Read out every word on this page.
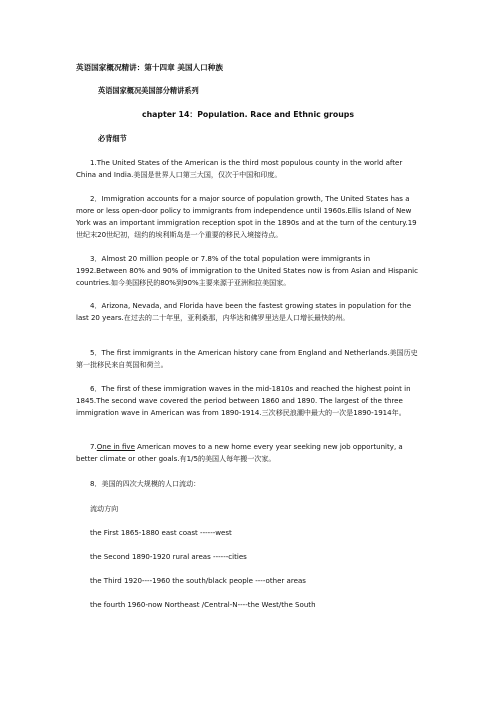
英语国家概况精讲：第十四章 美国人口种族
英语国家概况美国部分精讲系列
chapter 14：Population. Race and Ethnic groups
必背细节

1.The United States of the American is the third most populous county in the world after China and India.美国是世界人口第三大国，仅次于中国和印度。

2．Immigration accounts for a major source of population growth, The United States has a more or less open-door policy to immigrants from independence until 1960s.Ellis Island of New York was an important immigration reception spot in the 1890s and at the turn of the century.19世纪末20世纪初，纽约的埃利斯岛是一个重要的移民入境接待点。

3．Almost 20 million people or 7.8% of the total population were immigrants in 1992.Between 80% and 90% of immigration to the United States now is from Asian and Hispanic countries.如今美国移民的80%到90%主要来源于亚洲和拉美国家。

4．Arizona, Nevada, and Florida have been the fastest growing states in population for the last 20 years.在过去的二十年里，亚利桑那，内华达和佛罗里达是人口增长最快的州。

5．The first immigrants in the American history cane from England and Netherlands.美国历史第一批移民来自英国和荷兰。

6．The first of these immigration waves in the mid-1810s and reached the highest point in 1845.The second wave covered the period between 1860 and 1890. The largest of the three immigration wave in American was from 1890-1914.三次移民浪潮中最大的一次是1890-1914年。

7.One in five American moves to a new home every year seeking new job opportunity, a better climate or other goals.有1/5的美国人每年搬一次家。

8．美国的四次大规模的人口流动：

流动方向
the First 1865-1880 east coast ------west
the Second 1890-1920 rural areas ------cities
the Third 1920----1960 the south/black people ----other areas
the fourth 1960-now Northeast /Central-N----the West/the South
